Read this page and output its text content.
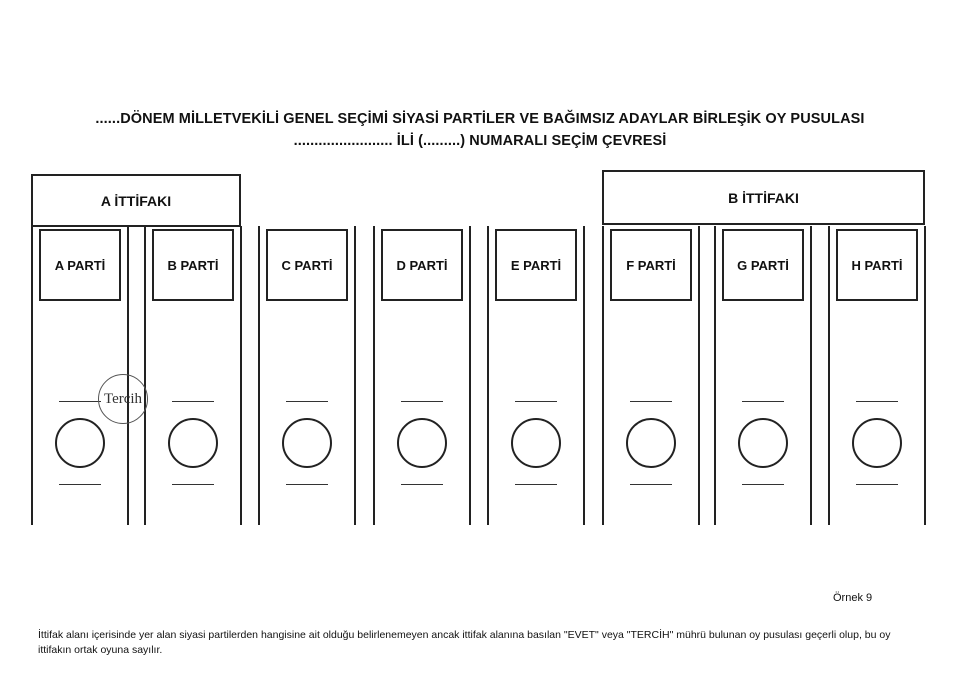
......DÖNEM MİLLETVEKİLİ GENEL SEÇİMİ SİYASİ PARTİLER VE BAĞIMSIZ ADAYLAR BİRLEŞİK OY PUSULASI
........................ İLİ (.........) NUMARALI SEÇİM ÇEVRESİ
A İTTİFAKI	B İTTİFAKI
A PARTİ	B PARTİ	C PARTİ	D PARTİ	E PARTİ	F PARTİ	G PARTİ	H PARTİ
Tercih
Örnek 9
İttifak alanı içerisinde yer alan siyasi partilerden hangisine ait olduğu belirlenemeyen ancak ittifak alanına basılan "EVET" veya "TERCİH" mührü bulunan oy pusulası geçerli olup, bu oy ittifakın ortak oyuna sayılır.
